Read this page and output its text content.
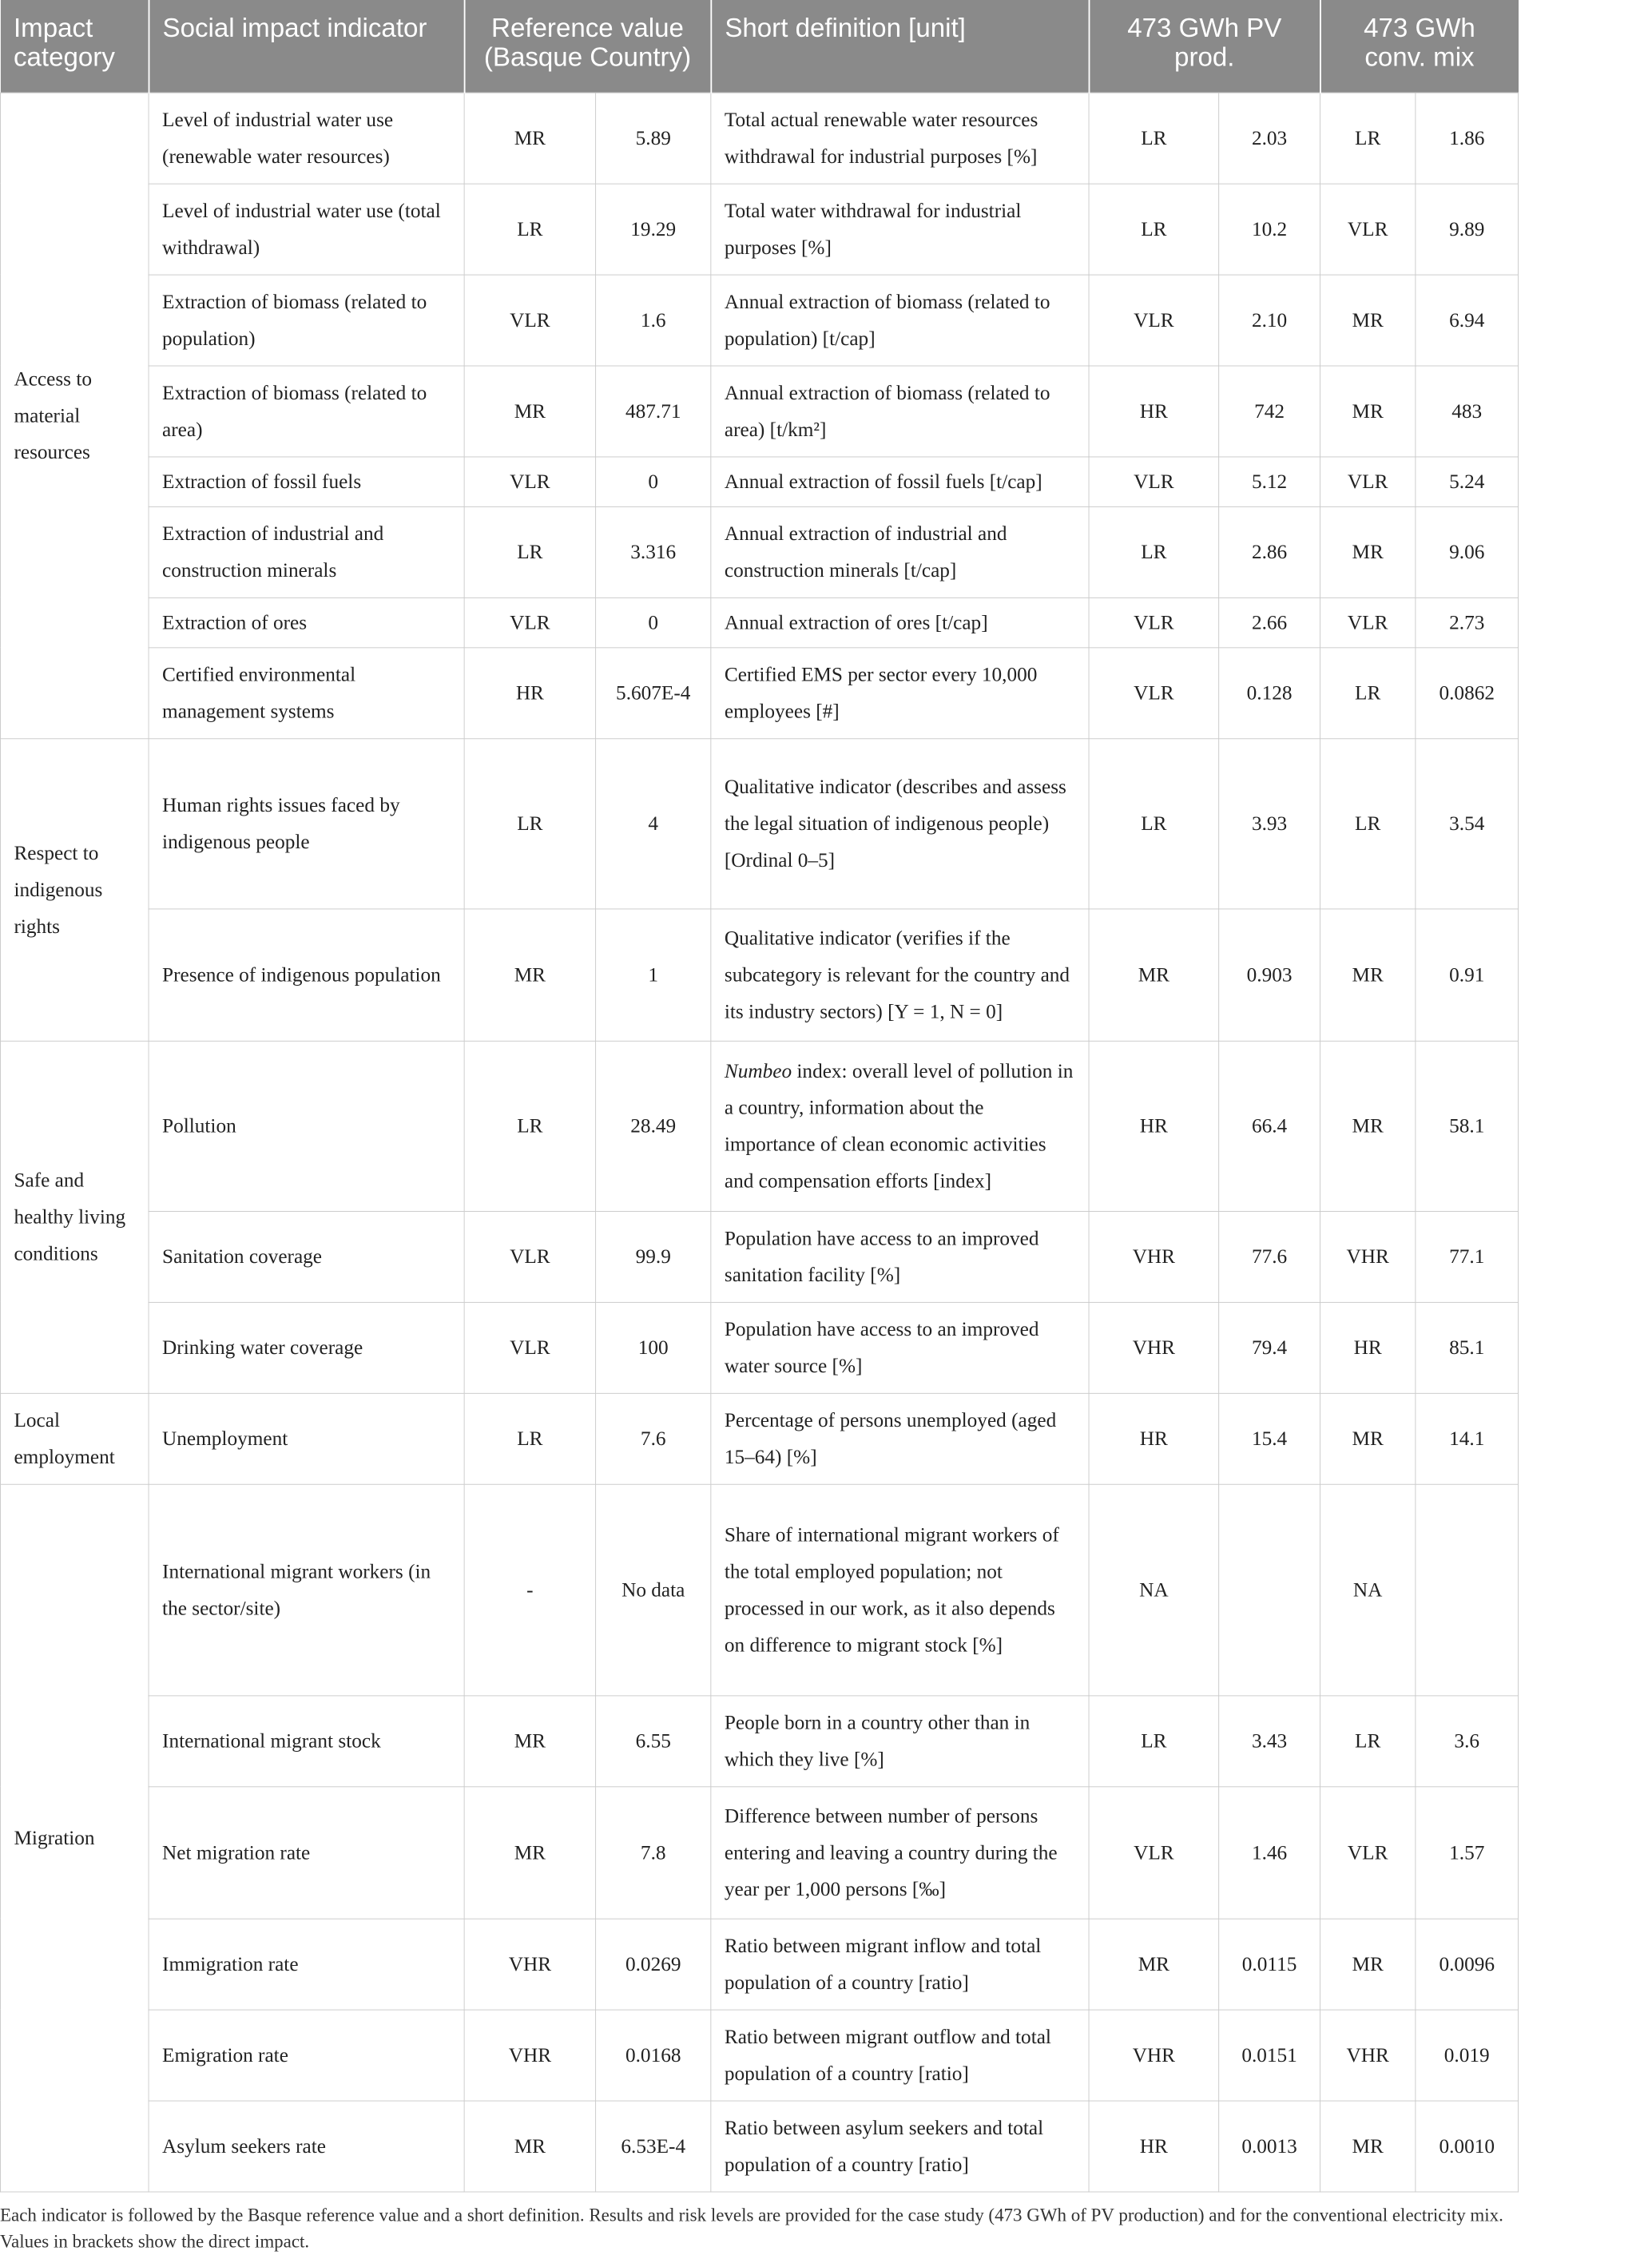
Impact category	Social impact indicator	Reference value (Basque Country)		Short definition [unit]	473 GWh PV prod.		473 GWh conv. mix	
Access to material resources	Level of industrial water use (renewable water resources)	MR	5.89	Total actual renewable water resources withdrawal for industrial purposes [%]	LR	2.03	LR	1.86
	Level of industrial water use (total withdrawal)	LR	19.29	Total water withdrawal for industrial purposes [%]	LR	10.2	VLR	9.89
	Extraction of biomass (related to population)	VLR	1.6	Annual extraction of biomass (related to population) [t/cap]	VLR	2.10	MR	6.94
	Extraction of biomass (related to area)	MR	487.71	Annual extraction of biomass (related to area) [t/km²]	HR	742	MR	483
	Extraction of fossil fuels	VLR	0	Annual extraction of fossil fuels [t/cap]	VLR	5.12	VLR	5.24
	Extraction of industrial and construction minerals	LR	3.316	Annual extraction of industrial and construction minerals [t/cap]	LR	2.86	MR	9.06
	Extraction of ores	VLR	0	Annual extraction of ores [t/cap]	VLR	2.66	VLR	2.73
	Certified environmental management systems	HR	5.607E-4	Certified EMS per sector every 10,000 employees [#]	VLR	0.128	LR	0.0862
Respect to indigenous rights	Human rights issues faced by indigenous people	LR	4	Qualitative indicator (describes and assess the legal situation of indigenous people) [Ordinal 0–5]	LR	3.93	LR	3.54
	Presence of indigenous population	MR	1	Qualitative indicator (verifies if the subcategory is relevant for the country and its industry sectors) [Y = 1, N = 0]	MR	0.903	MR	0.91
Safe and healthy living conditions	Pollution	LR	28.49	Numbeo index: overall level of pollution in a country, information about the importance of clean economic activities and compensation efforts [index]	HR	66.4	MR	58.1
	Sanitation coverage	VLR	99.9	Population have access to an improved sanitation facility [%]	VHR	77.6	VHR	77.1
	Drinking water coverage	VLR	100	Population have access to an improved water source [%]	VHR	79.4	HR	85.1
Local employment	Unemployment	LR	7.6	Percentage of persons unemployed (aged 15–64) [%]	HR	15.4	MR	14.1
Migration	International migrant workers (in the sector/site)	-	No data	Share of international migrant workers of the total employed population; not processed in our work, as it also depends on difference to migrant stock [%]	NA		NA	
	International migrant stock	MR	6.55	People born in a country other than in which they live [%]	LR	3.43	LR	3.6
	Net migration rate	MR	7.8	Difference between number of persons entering and leaving a country during the year per 1,000 persons [‰]	VLR	1.46	VLR	1.57
	Immigration rate	VHR	0.0269	Ratio between migrant inflow and total population of a country [ratio]	MR	0.0115	MR	0.0096
	Emigration rate	VHR	0.0168	Ratio between migrant outflow and total population of a country [ratio]	VHR	0.0151	VHR	0.019
	Asylum seekers rate	MR	6.53E-4	Ratio between asylum seekers and total population of a country [ratio]	HR	0.0013	MR	0.0010

Each indicator is followed by the Basque reference value and a short definition. Results and risk levels are provided for the case study (473 GWh of PV production) and for the conventional electricity mix. Values in brackets show the direct impact.
